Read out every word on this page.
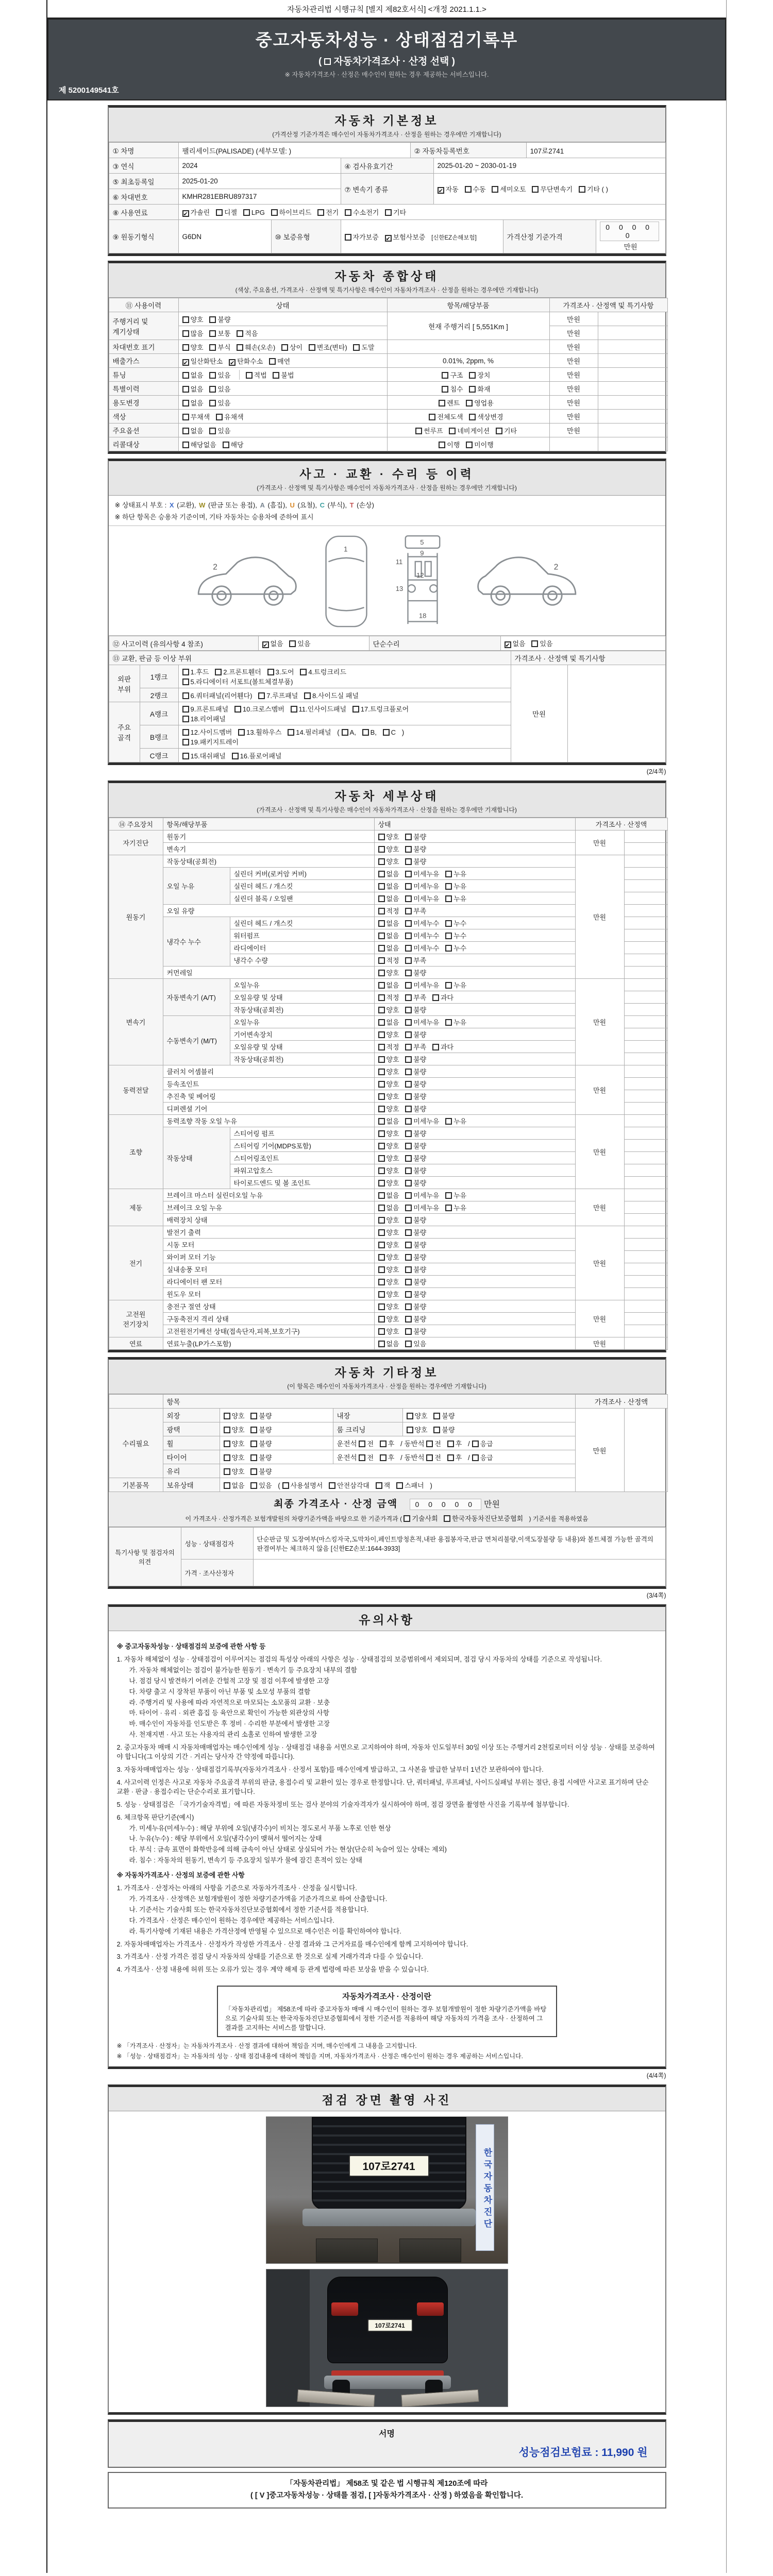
자동차관리법 시행규칙 [별지 제82호서식] <개정 2021.1.1.>
중고자동차성능 · 상태점검기록부
( 자동차가격조사 · 산정 선택 )
※ 자동차가격조사 · 산정은 매수인이 원하는 경우 제공하는 서비스입니다.
제 5200149541호
자동차 기본정보
(가격산정 기준가격은 매수인이 자동차가격조사 · 산정을 원하는 경우에만 기재합니다)
① 차명	팰리세이드(PALISADE) (세부모델: )			② 자동차등록번호			107로2741	
③ 연식	2024		④ 검사유효기간		2025-01-20 ~ 2030-01-19			
⑤ 최초등록일	2025-01-20		⑦ 변속기 종류		✔ 자동 수동 세미오토 무단변속기 기타 ( )			
⑥ 차대번호	KMHR281EBRU897317							
⑧ 사용연료	✔ 가솔린 디젤 LPG 하이브리드 전기 수소전기 기타							
⑨ 원동기형식	G6DN	⑩ 보증유형	자가보증 ✔ 보험사보증 [신한EZ손해보험]			가격산정 기준가격		0 0 0 0 0만원
자동차 종합상태
(색상, 주요옵션, 가격조사 · 산정액 및 특기사항은 매수인이 자동차가격조사 · 산정을 원하는 경우에만 기재합니다)
⑪ 사용이력	상태	항목/해당부품	가격조사 · 산정액 및 특기사항	
주행거리 및 계기상태	양호 불량	현재 주행거리 [ 5,551Km ]	만원	
	많음 보통 적음		만원	
차대번호 표기	양호 부식 훼손(오손) 상이 변조(변타) 도말		만원	
배출가스	✔ 일산화탄소 ✔ 탄화수소 매연	0.01%, 2ppm, %	만원	
튜닝	없음 있음 적법 불법	구조 장치	만원	
특별이력	없음 있음	침수 화재	만원	
용도변경	없음 있음	렌트 영업용	만원	
색상	무채색 유채색	전체도색 색상변경	만원	
주요옵션	없음 있음	썬루프 네비게이션 기타	만원	
리콜대상	해당없음 해당	이행 미이행		
사고 · 교환 · 수리 등 이력
(가격조사 · 산정액 및 특기사항은 매수인이 자동차가격조사 · 산정을 원하는 경우에만 기재합니다)
※ 상태표시 부호 : X (교환), W (판금 또는 용접), A (흠집), U (요철), C (부식), T (손상)
※ 하단 항목은 승용차 기준이며, 기타 자동차는 승용차에 준하여 표시
2
1
5
9
11
12
13
18
2
⑫ 사고이력 (유의사항 4 참조)	✔ 없음 있음	단순수리	✔ 없음 있음
⑬ 교환, 판금 등 이상 부위			가격조사 · 산정액 및 특기사항	
외판 부위	1랭크	1.후드 2.프론트휀더 3.도어 4.트렁크리드
5.라디에이터 서포트(볼트체결부품)	만원	
	2랭크	6.쿼터패널(리어휀다) 7.루프패널 8.사이드실 패널		
주요 골격	A랭크	9.프론트패널 10.크로스멤버 11.인사이드패널 17.트렁크플로어
18.리어패널		
	B랭크	12.사이드멤버 13.휠하우스 14.필러패널 ( A, B, C )
19.패키지트레이		
	C랭크	15.대쉬패널 16.플로어패널		
(2/4쪽)
자동차 세부상태
(가격조사 · 산정액 및 특기사항은 매수인이 자동차가격조사 · 산정을 원하는 경우에만 기재합니다)
⑭ 주요장치	항목/해당부품		상태	가격조사 · 산정액	
자기진단	원동기		양호 불량	만원	
	변속기		양호 불량		
원동기	작동상태(공회전)		양호 불량	만원	
	오일 누유	실린더 커버(로커암 커버)	없음 미세누유 누유		
		실린더 헤드 / 개스킷	없음 미세누유 누유		
		실린더 블록 / 오일팬	없음 미세누유 누유		
	오일 유량		적정 부족		
	냉각수 누수	실린더 헤드 / 개스킷	없음 미세누수 누수		
		워터펌프	없음 미세누수 누수		
		라디에이터	없음 미세누수 누수		
		냉각수 수량	적정 부족		
	커먼레일		양호 불량		
변속기	자동변속기 (A/T)	오일누유	없음 미세누유 누유	만원	
		오일유량 및 상태	적정 부족 과다		
		작동상태(공회전)	양호 불량		
	수동변속기 (M/T)	오일누유	없음 미세누유 누유		
		기어변속장치	양호 불량		
		오일유량 및 상태	적정 부족 과다		
		작동상태(공회전)	양호 불량		
동력전달	클러치 어셈블리		양호 불량	만원	
	등속조인트		양호 불량		
	추진축 및 베어링		양호 불량		
	디퍼렌셜 기어		양호 불량		
조향	동력조향 작동 오일 누유		없음 미세누유 누유	만원	
	작동상태	스티어링 펌프	양호 불량		
		스티어링 기어(MDPS포함)	양호 불량		
		스티어링조인트	양호 불량		
		파워고압호스	양호 불량		
		타이로드엔드 및 볼 조인트	양호 불량		
제동	브레이크 마스터 실린더오일 누유		없음 미세누유 누유	만원	
	브레이크 오일 누유		없음 미세누유 누유		
	배력장치 상태		양호 불량		
전기	발전기 출력		양호 불량	만원	
	시동 모터		양호 불량		
	와이퍼 모터 기능		양호 불량		
	실내송풍 모터		양호 불량		
	라디에이터 팬 모터		양호 불량		
	윈도우 모터		양호 불량		
고전원 전기장치	충전구 절연 상태		양호 불량	만원	
	구동축전지 격리 상태		양호 불량		
	고전원전기배선 상태(접속단자,피복,보호기구)		양호 불량		
연료	연료누출(LP가스포함)		없음 있음	만원	
자동차 기타정보
(이 항목은 매수인이 자동차가격조사 · 산정을 원하는 경우에만 기재합니다)
	항목				가격조사 · 산정액	
수리필요	외장	양호 불량	내장	양호 불량	만원	
	광택	양호 불량	룸 크리닝	양호 불량		
	휠	양호 불량	운전석 전 후 / 동반석 전 후 / 응급			
	타이어	양호 불량	운전석 전 후 / 동반석 전 후 / 응급			
	유리	양호 불량				
기본품목	보유상태	없음 있음 ( 사용설명서 안전삼각대 잭 스패너 )				
최종 가격조사 · 산정 금액 0 0 0 0 0 만원
이 가격조사 · 산정가격은 보험개발원의 차량기준가액을 바탕으로 한 기준가격과 ( 기술사회 한국자동차진단보증협회 ) 기준서를 적용하였음
특기사항 및 점검자의 의견	성능 · 상태점검자	단순판금 및 도장여부(마스킹자국,도막차이,페인트방청흔적,내판 용접봉자국,판금 면처리불량,이색도장불량 등 내용)와 볼트체결 가능한 골격의 판결여부는 체크하지 않음 [신한EZ손보:1644-3933]
	가격 · 조사산정자	
(3/4쪽)
유의사항
※ 중고자동차성능 · 상태점검의 보증에 관한 사항 등
1. 자동차 해체없이 성능 · 상태점검이 이루어지는 점검의 특성상 아래의 사항은 성능 · 상태점검의 보증범위에서 제외되며, 점검 당시 자동차의 상태를 기준으로 작성됩니다.
가. 자동차 해체없이는 점검이 불가능한 원동기 · 변속기 등 주요장치 내부의 결함
나. 점검 당시 발견하기 어려운 간헐적 고장 및 점검 이후에 발생한 고장
다. 차량 출고 시 장착된 부품이 아닌 부품 및 소모성 부품의 결함
라. 주행거리 및 사용에 따라 자연적으로 마모되는 소모품의 교환 · 보충
마. 타이어 · 유리 · 외관 흠집 등 육안으로 확인이 가능한 외관상의 사항
바. 매수인이 자동차를 인도받은 후 정비 · 수리한 부분에서 발생한 고장
사. 천재지변 · 사고 또는 사용자의 관리 소홀로 인하여 발생한 고장
2. 중고자동차 매매 시 자동차매매업자는 매수인에게 성능 · 상태점검 내용을 서면으로 고지하여야 하며, 자동차 인도일부터 30일 이상 또는 주행거리 2천킬로미터 이상 성능 · 상태를 보증하여야 합니다(그 이상의 기간 · 거리는 당사자 간 약정에 따릅니다).
3. 자동차매매업자는 성능 · 상태점검기록부(자동차가격조사 · 산정서 포함)를 매수인에게 발급하고, 그 사본을 발급한 날부터 1년간 보관하여야 합니다.
4. 사고이력 인정은 사고로 자동차 주요골격 부위의 판금, 용접수리 및 교환이 있는 경우로 한정합니다. 단, 쿼터패널, 루프패널, 사이드실패널 부위는 절단, 용접 시에만 사고로 표기하며 단순 교환 · 판금 · 용접수리는 단순수리로 표기합니다.
5. 성능 · 상태점검은 「국가기술자격법」에 따른 자동차정비 또는 검사 분야의 기술자격자가 실시하여야 하며, 점검 장면을 촬영한 사진을 기록부에 첨부합니다.
6. 체크항목 판단기준(예시)
가. 미세누유(미세누수) : 해당 부위에 오일(냉각수)이 비치는 정도로서 부품 노후로 인한 현상
나. 누유(누수) : 해당 부위에서 오일(냉각수)이 맺혀서 떨어지는 상태
다. 부식 : 금속 표면이 화학반응에 의해 금속이 아닌 상태로 상실되어 가는 현상(단순히 녹슬어 있는 상태는 제외)
라. 침수 : 자동차의 원동기, 변속기 등 주요장치 일부가 물에 잠긴 흔적이 있는 상태
※ 자동차가격조사 · 산정의 보증에 관한 사항
1. 가격조사 · 산정자는 아래의 사항을 기준으로 자동차가격조사 · 산정을 실시합니다.
가. 가격조사 · 산정액은 보험개발원이 정한 차량기준가액을 기준가격으로 하여 산출합니다.
나. 기준서는 기술사회 또는 한국자동차진단보증협회에서 정한 기준서를 적용합니다.
다. 가격조사 · 산정은 매수인이 원하는 경우에만 제공하는 서비스입니다.
라. 특기사항에 기재된 내용은 가격산정에 반영될 수 있으므로 매수인은 이를 확인하여야 합니다.
2. 자동차매매업자는 가격조사 · 산정자가 작성한 가격조사 · 산정 결과와 그 근거자료를 매수인에게 함께 고지하여야 합니다.
3. 가격조사 · 산정 가격은 점검 당시 자동차의 상태를 기준으로 한 것으로 실제 거래가격과 다를 수 있습니다.
4. 가격조사 · 산정 내용에 허위 또는 오류가 있는 경우 계약 해제 등 관계 법령에 따른 보상을 받을 수 있습니다.
자동차가격조사 · 산정이란
「자동차관리법」 제58조에 따라 중고자동차 매매 시 매수인이 원하는 경우 보험개발원이 정한 차량기준가액을 바탕으로 기술사회 또는 한국자동차진단보증협회에서 정한 기준서를 적용하여 해당 자동차의 가격을 조사 · 산정하여 그 결과를 고지하는 서비스를 말합니다.
※ 「가격조사 · 산정자」는 자동차가격조사 · 산정 결과에 대하여 책임을 지며, 매수인에게 그 내용을 고지합니다.
※ 「성능 · 상태점검자」는 자동차의 성능 · 상태 점검내용에 대하여 책임을 지며, 자동차가격조사 · 산정은 매수인이 원하는 경우 제공하는 서비스입니다.
(4/4쪽)
점검 장면 촬영 사진
한국자동차진단
107로2741
107로2741
서명
성능점검보험료 : 11,990 원
「자동차관리법」 제58조 및 같은 법 시행규칙 제120조에 따라
( [ V ]중고자동차성능 · 상태를 점검, [ ]자동차가격조사 · 산정 ) 하였음을 확인합니다.
